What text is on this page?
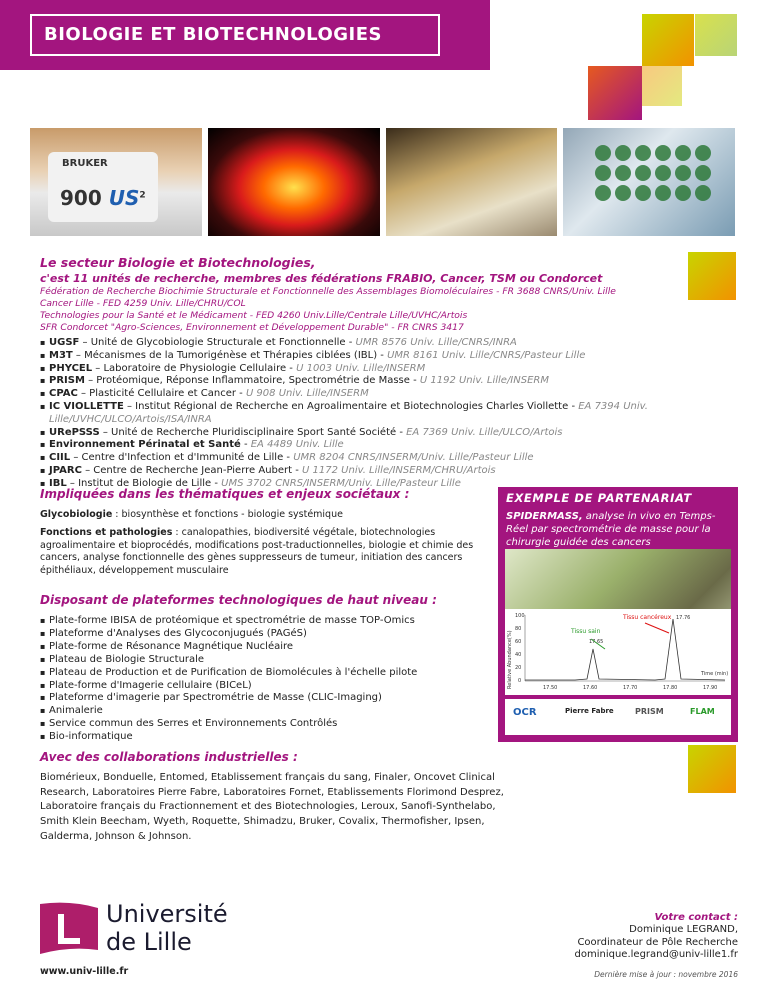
BIOLOGIE ET BIOTECHNOLOGIES
BRUKER
900 $US^2$
Le secteur Biologie et Biotechnologies,
c'est 11 unités de recherche, membres des fédérations FRABIO, Cancer, TSM ou Condorcet
Fédération de Recherche Biochimie Structurale et Fonctionnelle des Assemblages Biomoléculaires - FR 3688 CNRS/Univ. Lille
Cancer Lille - FED 4259 Univ. Lille/CHRU/COL
Technologies pour la Santé et le Médicament - FED 4260 Univ.Lille/Centrale Lille/UVHC/Artois
SFR Condorcet "Agro-Sciences, Environnement et Développement Durable" - FR CNRS 3417
▪ UGSF – Unité de Glycobiologie Structurale et Fonctionnelle - UMR 8576 Univ. Lille/CNRS/INRA
▪ M3T – Mécanismes de la Tumorigénèse et Thérapies ciblées (IBL) - UMR 8161 Univ. Lille/CNRS/Pasteur Lille
▪ PHYCEL – Laboratoire de Physiologie Cellulaire - U 1003 Univ. Lille/INSERM
▪ PRISM – Protéomique, Réponse Inflammatoire, Spectrométrie de Masse - U 1192 Univ. Lille/INSERM
▪ CPAC – Plasticité Cellulaire et Cancer - U 908 Univ. Lille/INSERM
▪ IC VIOLLETTE – Institut Régional de Recherche en Agroalimentaire et Biotechnologies Charles Viollette - EA 7394 Univ. Lille/UVHC/ULCO/Artois/ISA/INRA
▪ URePSSS – Unité de Recherche Pluridisciplinaire Sport Santé Société - EA 7369 Univ. Lille/ULCO/Artois
▪ Environnement Périnatal et Santé - EA 4489 Univ. Lille
▪ CIIL – Centre d'Infection et d'Immunité de Lille - UMR 8204 CNRS/INSERM/Univ. Lille/Pasteur Lille
▪ JPARC – Centre de Recherche Jean-Pierre Aubert - U 1172 Univ. Lille/INSERM/CHRU/Artois
▪ IBL – Institut de Biologie de Lille - UMS 3702 CNRS/INSERM/Univ. Lille/Pasteur Lille
Impliquées dans les thématiques et enjeux sociétaux :
Glycobiologie : biosynthèse et fonctions - biologie systémique
Fonctions et pathologies : canalopathies, biodiversité végétale, biotechnologies agroalimentaire et bioprocédés, modifications post-traductionnelles, biologie et chimie des cancers, analyse fonctionnelle des gènes suppresseurs de tumeur, initiation des cancers épithéliaux, développement musculaire
Disposant de plateformes technologiques de haut niveau :
▪ Plate-forme IBISA de protéomique et spectrométrie de masse TOP-Omics
▪ Plateforme d'Analyses des Glycoconjugués (PAGéS)
▪ Plate-forme de Résonance Magnétique Nucléaire
▪ Plateau de Biologie Structurale
▪ Plateau de Production et de Purification de Biomolécules à l'échelle pilote
▪ Plate-forme d'Imagerie cellulaire (BICeL)
▪ Plateforme d'imagerie par Spectrométrie de Masse (CLIC-Imaging)
▪ Animalerie
▪ Service commun des Serres et Environnements Contrôlés
▪ Bio-informatique
EXEMPLE DE PARTENARIAT
SPIDERMASS, analyse in vivo en Temps-Réel par spectrométrie de masse pour la chirurgie guidée des cancers
Relative Abundance(%)
100
80
60
40
20
0
17.50	17.60	17.70	17.80	17.90
Time (min)
Tissu cancéreux 17.76
Tissu sain
17.65
OCR	Pierre Fabre	PRISM	FLAM
Avec des collaborations industrielles :
Biomérieux, Bonduelle, Entomed, Etablissement français du sang, Finaler, Oncovet Clinical Research, Laboratoires Pierre Fabre, Laboratoires Fornet, Etablissements Florimond Desprez, Laboratoire français du Fractionnement et des Biotechnologies, Leroux, Sanofi-Synthelabo, Smith Klein Beecham, Wyeth, Roquette, Shimadzu, Bruker, Covalix, Thermofisher, Ipsen, Galderma, Johnson & Johnson.
Université
de Lille
www.univ-lille.fr
Votre contact :
Dominique LEGRAND,
Coordinateur de Pôle Recherche
dominique.legrand@univ-lille1.fr
Dernière mise à jour : novembre 2016
